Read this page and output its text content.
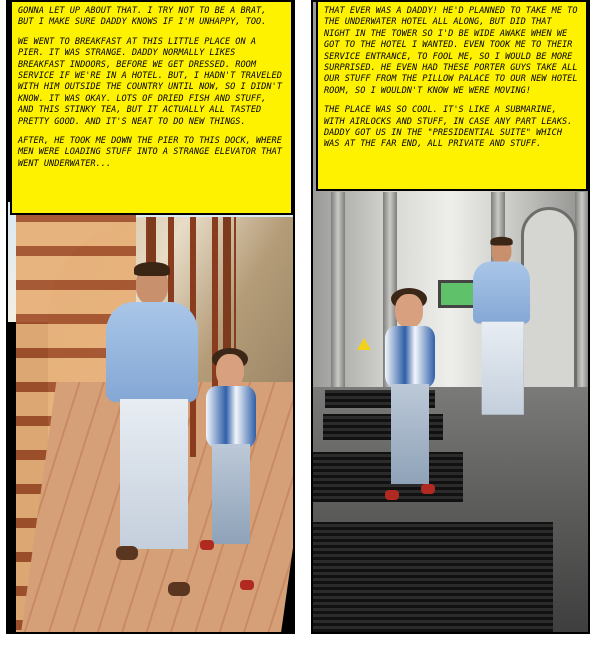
GONNA LET UP ABOUT THAT. I TRY NOT TO BE A BRAT, BUT I MAKE SURE DADDY KNOWS IF I'M UNHAPPY, TOO.

WE WENT TO BREAKFAST AT THIS LITTLE PLACE ON A PIER. IT WAS STRANGE. DADDY NORMALLY LIKES BREAKFAST INDOORS, BEFORE WE GET DRESSED. ROOM SERVICE IF WE'RE IN A HOTEL. BUT, I HADN'T TRAVELED WITH HIM OUTSIDE THE COUNTRY UNTIL NOW, SO I DIDN'T KNOW. IT WAS OKAY. LOTS OF DRIED FISH AND STUFF, AND THIS STINKY TEA, BUT IT ACTUALLY ALL TASTED PRETTY GOOD. AND IT'S NEAT TO DO NEW THINGS.

AFTER, HE TOOK ME DOWN THE PIER TO THIS DOCK, WHERE MEN WERE LOADING STUFF INTO A STRANGE ELEVATOR THAT WENT UNDERWATER...

THAT EVER WAS A DADDY! HE'D PLANNED TO TAKE ME TO THE UNDERWATER HOTEL ALL ALONG, BUT DID THAT NIGHT IN THE TOWER SO I'D BE WIDE AWAKE WHEN WE GOT TO THE HOTEL I WANTED. EVEN TOOK ME TO THEIR SERVICE ENTRANCE, TO FOOL ME, SO I WOULD BE MORE SURPRISED. HE EVEN HAD THESE PORTER GUYS TAKE ALL OUR STUFF FROM THE PILLOW PALACE TO OUR NEW HOTEL ROOM, SO I WOULDN'T KNOW WE WERE MOVING!

THE PLACE WAS SO COOL. IT'S LIKE A SUBMARINE, WITH AIRLOCKS AND STUFF, IN CASE ANY PART LEAKS. DADDY GOT US IN THE "PRESIDENTIAL SUITE" WHICH WAS AT THE FAR END, ALL PRIVATE AND STUFF.
